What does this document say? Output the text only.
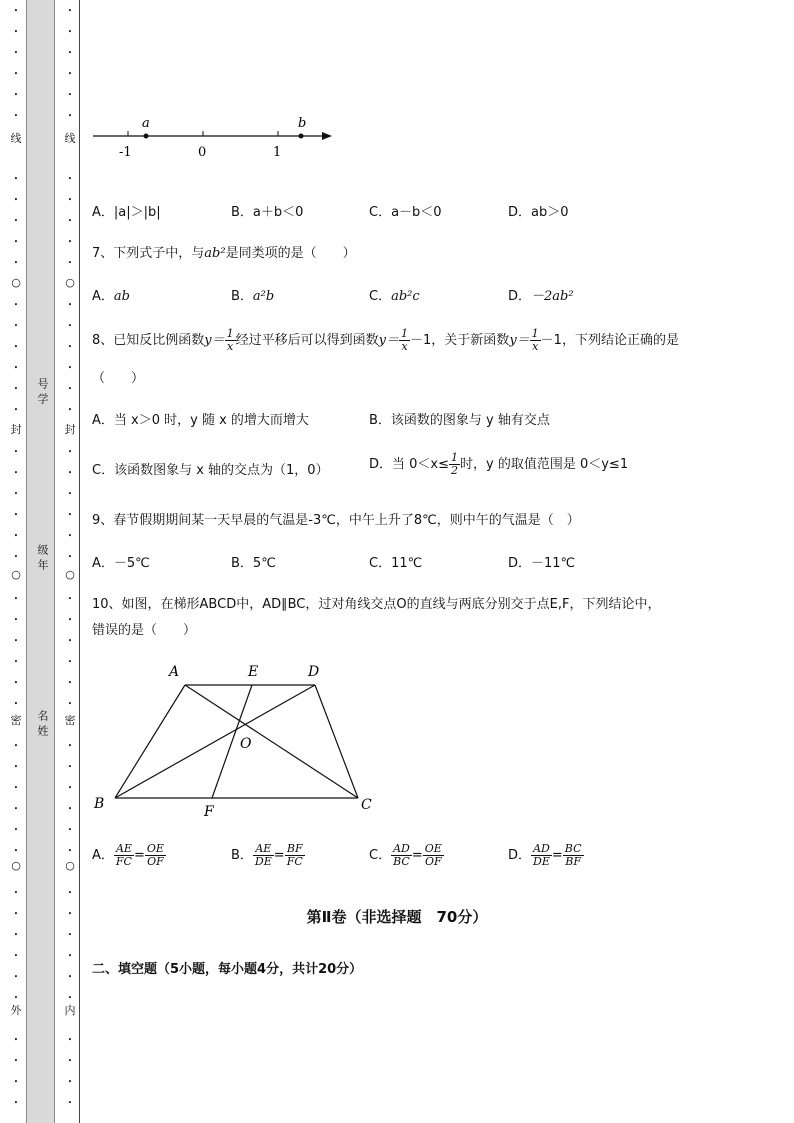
•
•
•
•
•
•
•
•
•
•
•
•
•
•
•
•
•
•
•
•
•
•
•
•
•
•
•
•
•
•
•
•
•
•
•
•
•
•
•
•
•
•
•
•
•
线
○
封
○
密
○
外
•
•
•
•
•
•
•
•
•
•
•
•
•
•
•
•
•
•
•
•
•
•
•
•
•
•
•
•
•
•
•
•
•
•
•
•
•
•
•
•
•
•
•
•
•
线
○
封
○
密
○
内
号学
级年
名姓
a	b
-1	0	1
A．|a|＞|b|	B．a＋b＜0	C．a－b＜0	D．ab＞0
7、下列式子中，与ab²是同类项的是（　　）
A．ab	B．a²b	C．ab²c	D．－2ab²
8、已知反比例函数$y= \frac{1}{x}$ 经过平移后可以得到函数$y= \frac{1}{x} -1$，关于新函数$y= \frac{1}{x} -1$，下列结论正确的是
（　　）
A．当 x＞0 时，y 随 x 的增大而增大	B．该函数的图象与 y 轴有交点
C．该函数图象与 x 轴的交点为（1，0）	D．当 $0<x\le \frac{1}{2}$ 时，y 的取值范围是 0＜y≤1
9、春节假期期间某一天早晨的气温是-3℃，中午上升了8℃，则中午的气温是（　）
A．－5℃	B．5℃	C．11℃	D．－11℃
10、如图，在梯形ABCD中，AD∥BC，过对角线交点O的直线与两底分别交于点E,F，下列结论中，
错误的是（　　）
A	E	D
O
B	F	C
A． $\frac{AE}{FC} = \frac{OE}{OF}$	B． $\frac{AE}{DE} = \frac{BF}{FC}$	C． $\frac{AD}{BC} = \frac{OE}{OF}$	D． $\frac{AD}{DE} = \frac{BC}{BF}$
第Ⅱ卷（非选择题　70分）
二、填空题（5小题，每小题4分，共计20分）
